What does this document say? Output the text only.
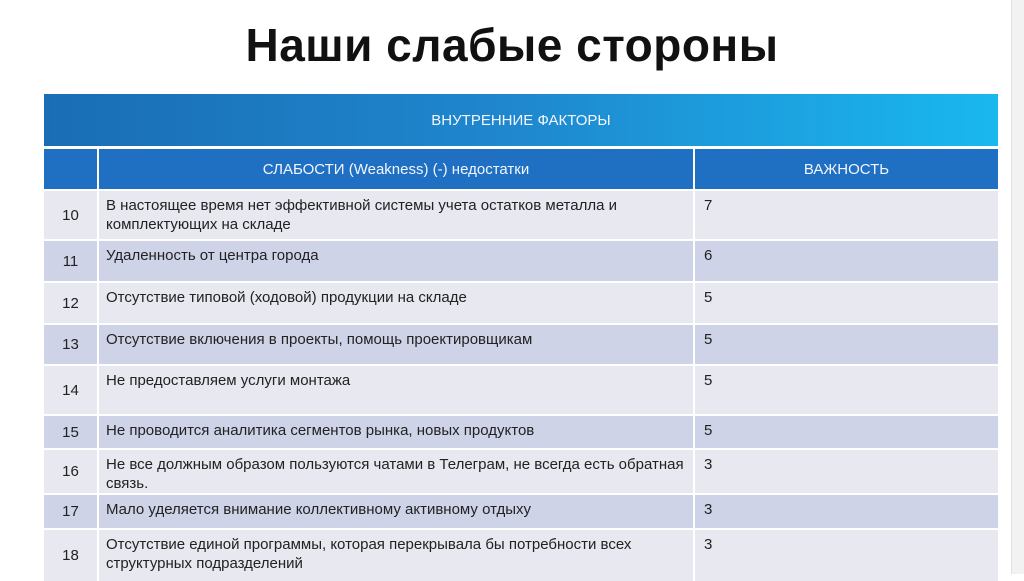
Наши слабые стороны
ВНУТРЕННИЕ ФАКТОРЫ		
	СЛАБОСТИ (Weakness) (-) недостатки	ВАЖНОСТЬ
10	В настоящее время нет эффективной системы учета остатков металла и комплектующих на складе	7
11	Удаленность от центра города	6
12	Отсутствие типовой (ходовой) продукции на складе	5
13	Отсутствие включения в проекты, помощь проектировщикам	5
14	Не предоставляем услуги монтажа	5
15	Не проводится аналитика сегментов рынка, новых продуктов	5
16	Не все должным образом пользуются чатами в Телеграм, не всегда есть обратная связь.	3
17	Мало уделяется внимание коллективному активному отдыху	3
18	Отсутствие единой программы, которая перекрывала бы потребности всех структурных подразделений	3
